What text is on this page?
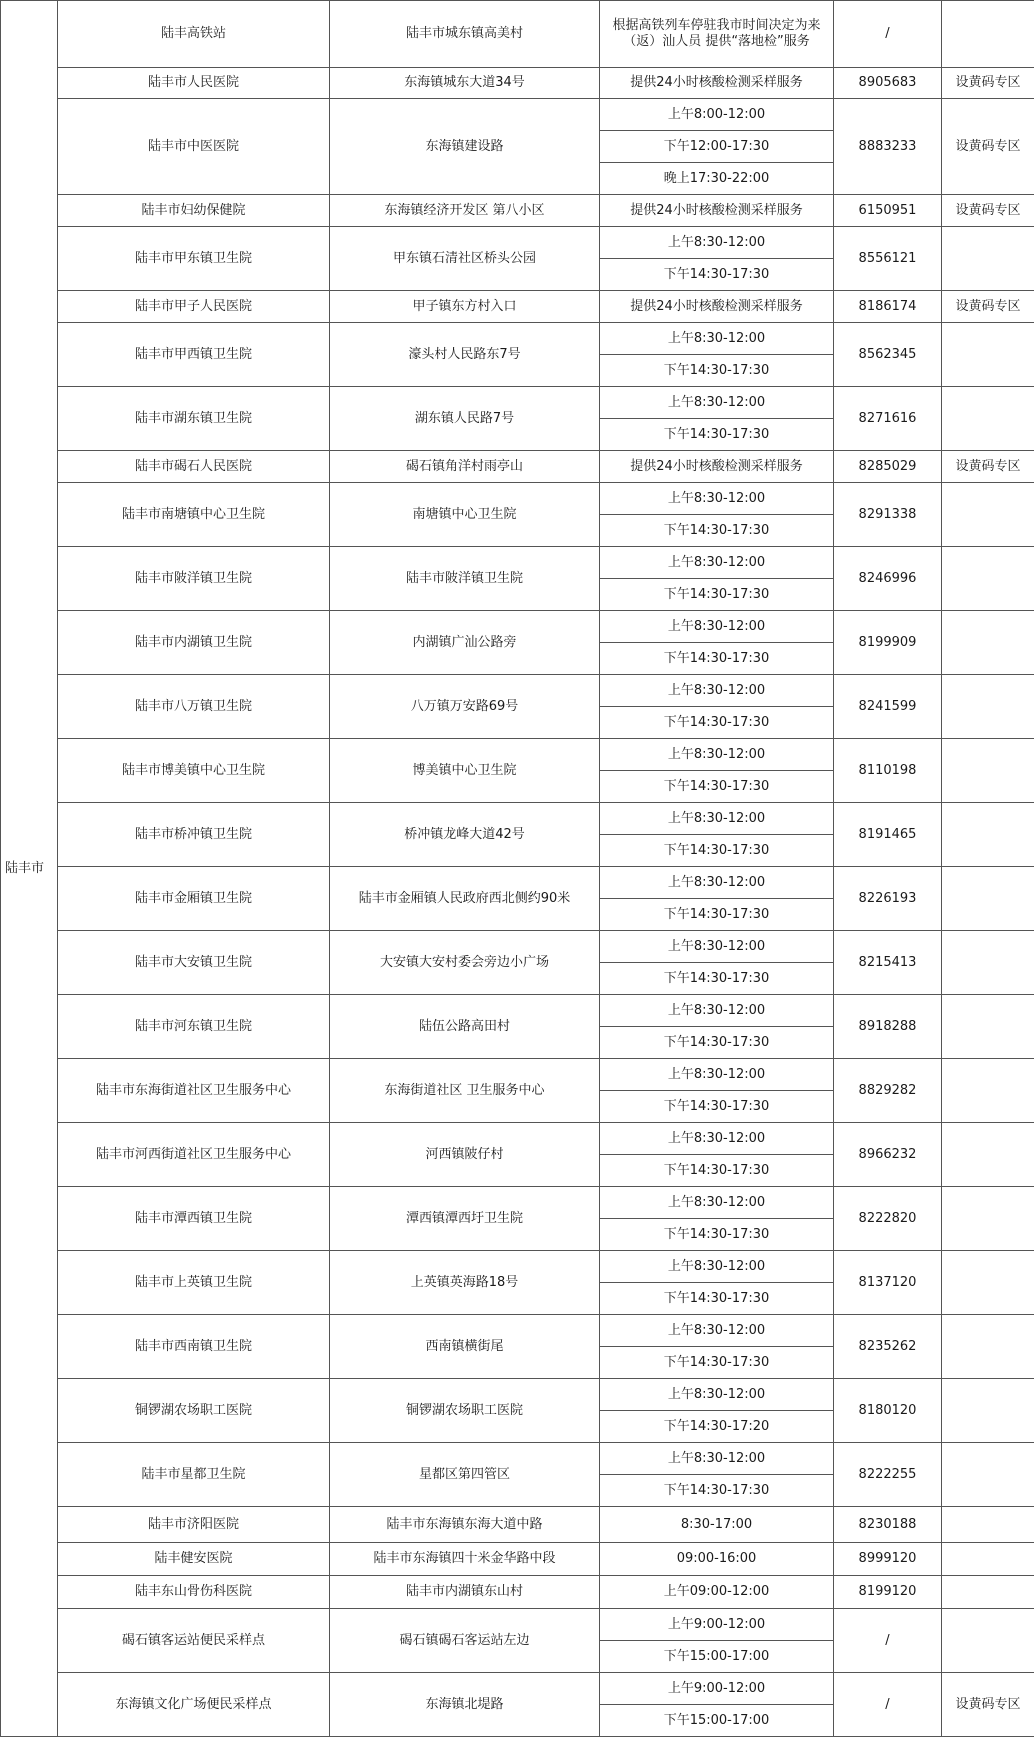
陆丰市	陆丰高铁站	陆丰市城东镇高美村	根据高铁列车停驻我市时间决定为来（返）汕人员 提供“落地检”服务	/	
	陆丰市人民医院	东海镇城东大道34号	提供24小时核酸检测采样服务	8905683	设黄码专区
	陆丰市中医医院	东海镇建设路	上午8:00-12:00	8883233	设黄码专区
			下午12:00-17:30		
			晚上17:30-22:00		
	陆丰市妇幼保健院	东海镇经济开发区 第八小区	提供24小时核酸检测采样服务	6150951	设黄码专区
	陆丰市甲东镇卫生院	甲东镇石清社区桥头公园	上午8:30-12:00	8556121	
			下午14:30-17:30		
	陆丰市甲子人民医院	甲子镇东方村入口	提供24小时核酸检测采样服务	8186174	设黄码专区
	陆丰市甲西镇卫生院	濠头村人民路东7号	上午8:30-12:00	8562345	
			下午14:30-17:30		
	陆丰市湖东镇卫生院	湖东镇人民路7号	上午8:30-12:00	8271616	
			下午14:30-17:30		
	陆丰市碣石人民医院	碣石镇角洋村雨亭山	提供24小时核酸检测采样服务	8285029	设黄码专区
	陆丰市南塘镇中心卫生院	南塘镇中心卫生院	上午8:30-12:00	8291338	
			下午14:30-17:30		
	陆丰市陂洋镇卫生院	陆丰市陂洋镇卫生院	上午8:30-12:00	8246996	
			下午14:30-17:30		
	陆丰市内湖镇卫生院	内湖镇广汕公路旁	上午8:30-12:00	8199909	
			下午14:30-17:30		
	陆丰市八万镇卫生院	八万镇万安路69号	上午8:30-12:00	8241599	
			下午14:30-17:30		
	陆丰市博美镇中心卫生院	博美镇中心卫生院	上午8:30-12:00	8110198	
			下午14:30-17:30		
	陆丰市桥冲镇卫生院	桥冲镇龙峰大道42号	上午8:30-12:00	8191465	
			下午14:30-17:30		
	陆丰市金厢镇卫生院	陆丰市金厢镇人民政府西北侧约90米	上午8:30-12:00	8226193	
			下午14:30-17:30		
	陆丰市大安镇卫生院	大安镇大安村委会旁边小广场	上午8:30-12:00	8215413	
			下午14:30-17:30		
	陆丰市河东镇卫生院	陆伍公路高田村	上午8:30-12:00	8918288	
			下午14:30-17:30		
	陆丰市东海街道社区卫生服务中心	东海街道社区 卫生服务中心	上午8:30-12:00	8829282	
			下午14:30-17:30		
	陆丰市河西街道社区卫生服务中心	河西镇陂仔村	上午8:30-12:00	8966232	
			下午14:30-17:30		
	陆丰市潭西镇卫生院	潭西镇潭西圩卫生院	上午8:30-12:00	8222820	
			下午14:30-17:30		
	陆丰市上英镇卫生院	上英镇英海路18号	上午8:30-12:00	8137120	
			下午14:30-17:30		
	陆丰市西南镇卫生院	西南镇横街尾	上午8:30-12:00	8235262	
			下午14:30-17:30		
	铜锣湖农场职工医院	铜锣湖农场职工医院	上午8:30-12:00	8180120	
			下午14:30-17:20		
	陆丰市星都卫生院	星都区第四管区	上午8:30-12:00	8222255	
			下午14:30-17:30		
	陆丰市济阳医院	陆丰市东海镇东海大道中路	8:30-17:00	8230188	
	陆丰健安医院	陆丰市东海镇四十米金华路中段	09:00-16:00	8999120	
	陆丰东山骨伤科医院	陆丰市内湖镇东山村	上午09:00-12:00	8199120	
	碣石镇客运站便民采样点	碣石镇碣石客运站左边	上午9:00-12:00	/	
			下午15:00-17:00		
	东海镇文化广场便民采样点	东海镇北堤路	上午9:00-12:00	/	设黄码专区
			下午15:00-17:00		
